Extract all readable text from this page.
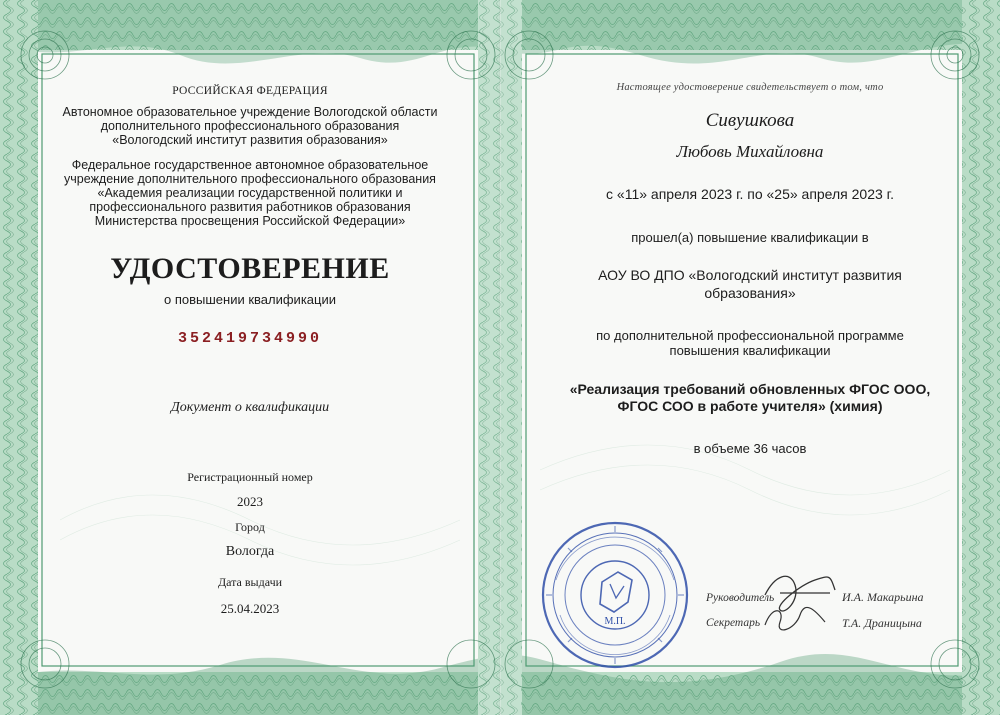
РОССИЙСКАЯ ФЕДЕРАЦИЯ
Автономное образовательное учреждение Вологодской области
дополнительного профессионального образования
«Вологодский институт развития образования»
Федеральное государственное автономное образовательное
учреждение дополнительного профессионального образования
«Академия реализации государственной политики и
профессионального развития работников образования
Министерства просвещения Российской Федерации»
УДОСТОВЕРЕНИЕ
о повышении квалификации
352419734990
Документ о квалификации
Регистрационный номер
2023
Город
Вологда
Дата выдачи
25.04.2023
Настоящее удостоверение свидетельствует о том, что
Сивушкова
Любовь Михайловна
с «11» апреля 2023 г. по «25» апреля 2023 г.
прошел(а) повышение квалификации в
АОУ ВО ДПО «Вологодский институт развития
образования»
по дополнительной профессиональной программе
повышения квалификации
«Реализация требований обновленных ФГОС ООО,
ФГОС СОО в работе учителя» (химия)
в объеме 36 часов
М.П.
Руководитель	И.А. Макарьина
Секретарь	Т.А. Драницына
